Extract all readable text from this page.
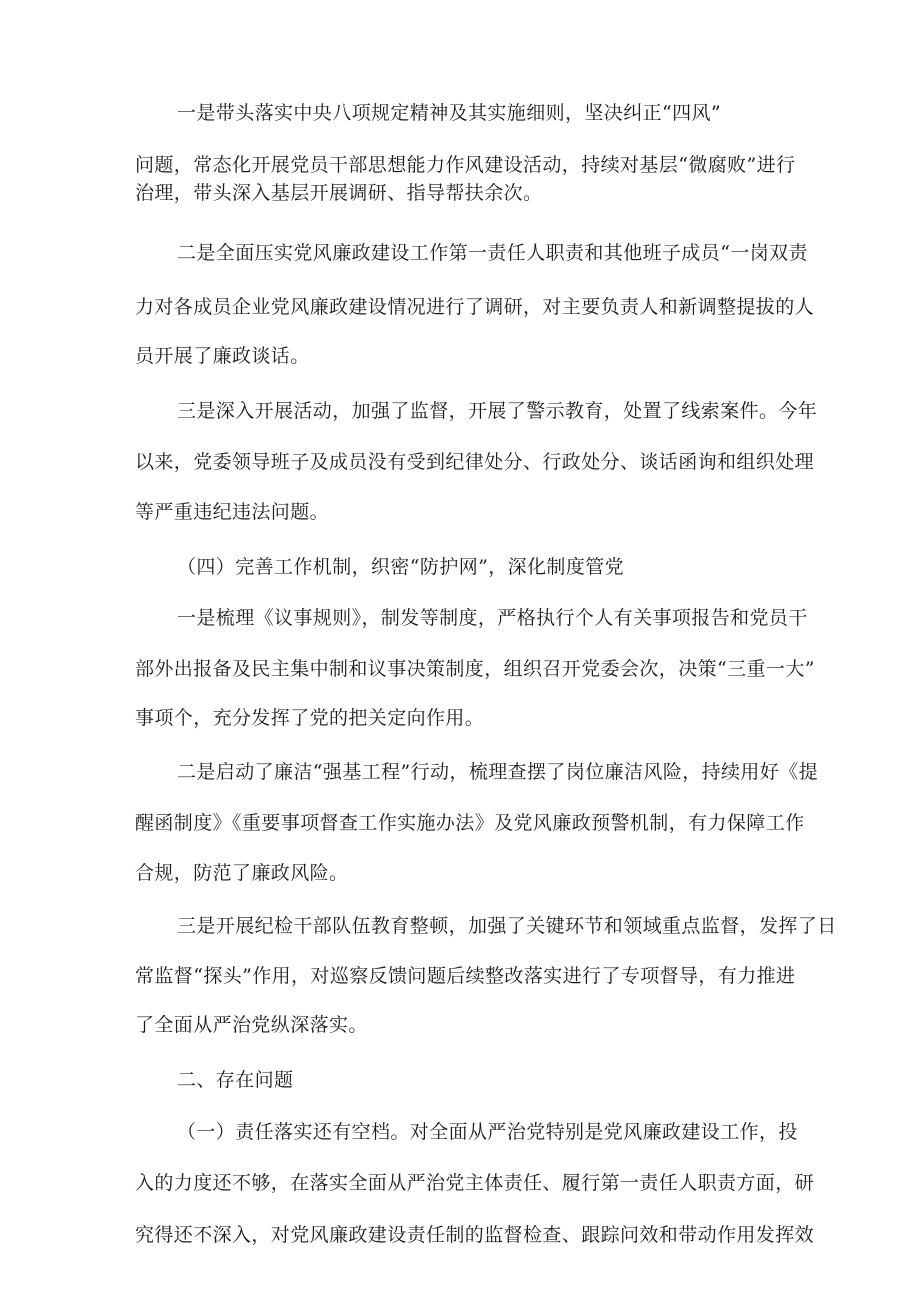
一是带头落实中央八项规定精神及其实施细则，坚决纠正“四风”
问题，常态化开展党员干部思想能力作风建设活动，持续对基层“微腐败”进行
治理，带头深入基层开展调研、指导帮扶余次。
二是全面压实党风廉政建设工作第一责任人职责和其他班子成员“一岗双责
力对各成员企业党风廉政建设情况进行了调研，对主要负责人和新调整提拔的人
员开展了廉政谈话。
三是深入开展活动，加强了监督，开展了警示教育，处置了线索案件。今年
以来，党委领导班子及成员没有受到纪律处分、行政处分、谈话函询和组织处理
等严重违纪违法问题。
（四）完善工作机制，织密“防护网”，深化制度管党
一是梳理《议事规则》，制发等制度，严格执行个人有关事项报告和党员干
部外出报备及民主集中制和议事决策制度，组织召开党委会次，决策“三重一大”
事项个，充分发挥了党的把关定向作用。
二是启动了廉洁“强基工程”行动，梳理查摆了岗位廉洁风险，持续用好《提
醒函制度》《重要事项督查工作实施办法》及党风廉政预警机制，有力保障工作
合规，防范了廉政风险。
三是开展纪检干部队伍教育整顿，加强了关键环节和领域重点监督，发挥了日
常监督“探头”作用，对巡察反馈问题后续整改落实进行了专项督导，有力推进
了全面从严治党纵深落实。
二、存在问题
（一）责任落实还有空档。对全面从严治党特别是党风廉政建设工作，投
入的力度还不够，在落实全面从严治党主体责任、履行第一责任人职责方面，研
究得还不深入，对党风廉政建设责任制的监督检查、跟踪问效和带动作用发挥效
